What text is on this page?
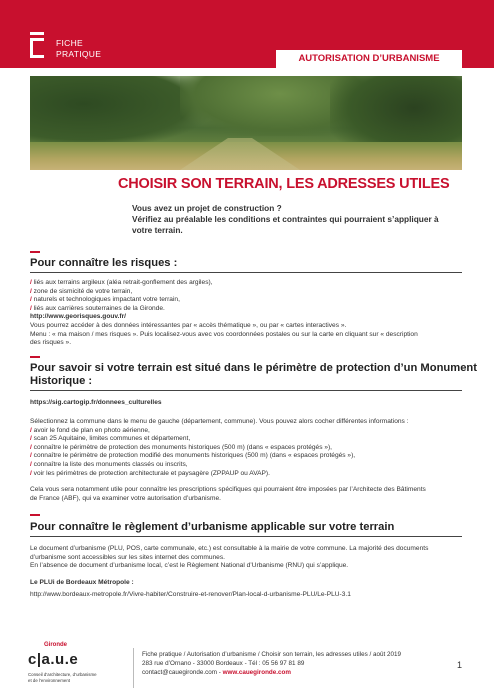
FICHE
PRATIQUE	AUTORISATION D’URBANISME
CHOISIR SON TERRAIN, LES ADRESSES UTILES
Vous avez un projet de construction ?
Vérifiez au préalable les conditions et contraintes qui pourraient s’appliquer à
votre terrain.
Pour connaître les risques :
/ liés aux terrains argileux (aléa retrait-gonflement des argiles),
/ zone de sismicité de votre terrain,
/ naturels et technologiques impactant votre terrain,
/ liés aux carrières souterraines de la Gironde.
http://www.georisques.gouv.fr/
Vous pourrez accéder à des données intéressantes par « accès thématique », ou par « cartes interactives ».
Menu : « ma maison / mes risques ». Puis localisez-vous avec vos coordonnées postales ou sur la carte en cliquant sur « description
des risques ».
Pour savoir si votre terrain est situé dans le périmètre de protection d’un Monument
Historique :
https://sig.cartogip.fr/donnees_culturelles
Sélectionnez la commune dans le menu de gauche (département, commune). Vous pouvez alors cocher différentes informations :
/ avoir le fond de plan en photo aérienne,
/ scan 25 Aquitaine, limites communes et département,
/ connaître le périmètre de protection des monuments historiques (500 m) (dans « espaces protégés »),
/ connaître le périmètre de protection modifié des monuments historiques (500 m) (dans « espaces protégés »),
/ connaître la liste des monuments classés ou inscrits,
/ voir les périmètres de protection architecturale et paysagère (ZPPAUP ou AVAP).
Cela vous sera notamment utile pour connaître les prescriptions spécifiques qui pourraient être imposées par l’Architecte des Bâtiments
de France (ABF), qui va examiner votre autorisation d’urbanisme.
Pour connaître le règlement d’urbanisme applicable sur votre terrain
Le document d’urbanisme (PLU, POS, carte communale, etc.) est consultable à la mairie de votre commune. La majorité des documents
d’urbanisme sont accessibles sur les sites internet des communes.
En l’absence de document d’urbanisme local, c’est le Règlement National d’Urbanisme (RNU) qui s’applique.
Le PLUi de Bordeaux Métropole :
http://www.bordeaux-metropole.fr/Vivre-habiter/Construire-et-renover/Plan-local-d-urbanisme-PLU/Le-PLU-3.1
Gironde
c|a.u.e
Conseil d’architecture, d’urbanisme
et de l’environnement
Fiche pratique / Autorisation d’urbanisme / Choisir son terrain, les adresses utiles / août 2019
283 rue d’Ornano - 33000 Bordeaux - Tél : 05 56 97 81 89
contact@cauegironde.com - www.cauegironde.com
1
